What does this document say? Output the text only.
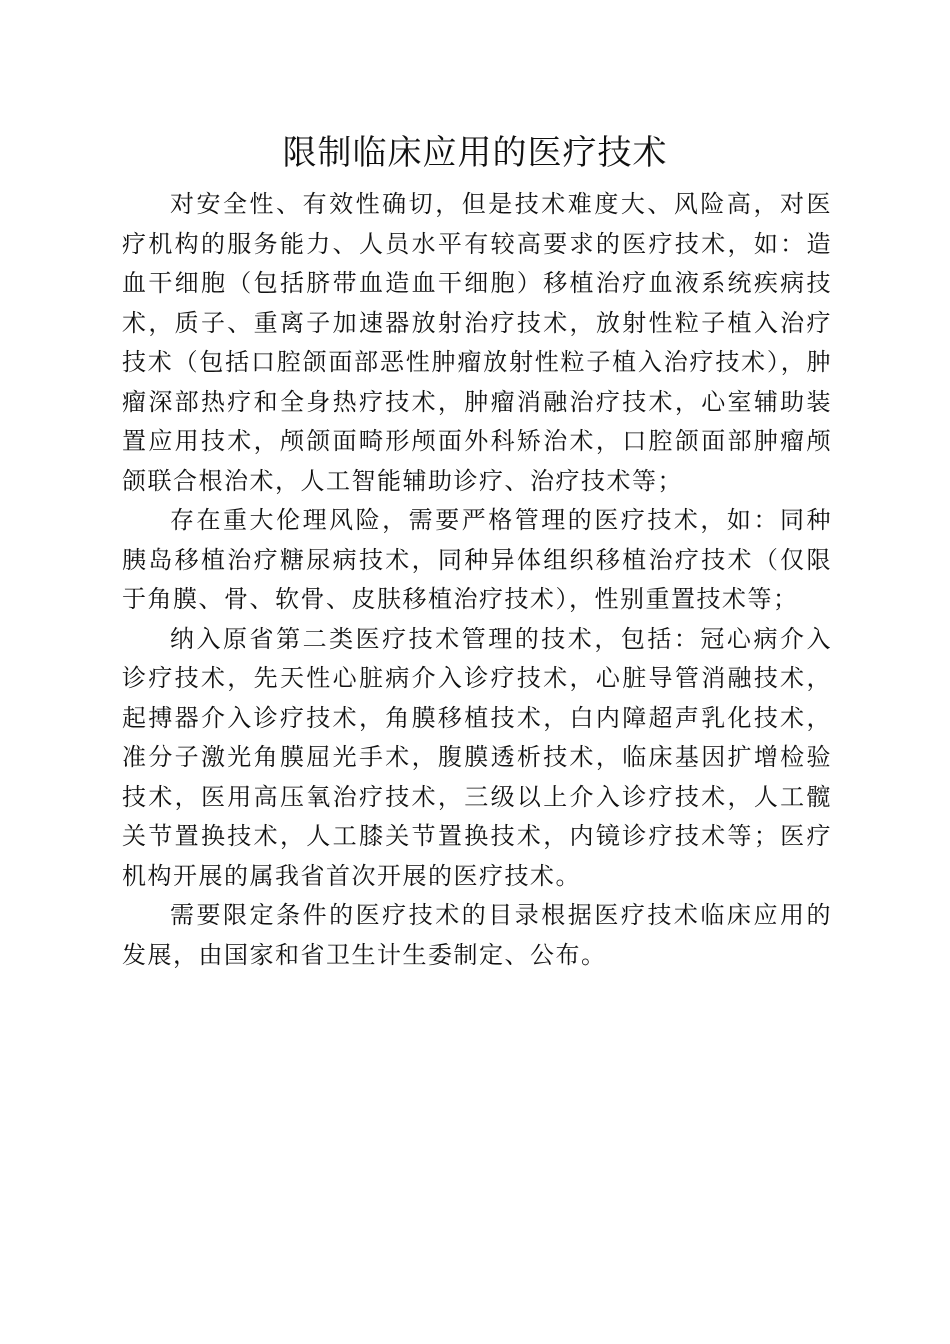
限制临床应用的医疗技术

对安全性、有效性确切，但是技术难度大、风险高，对医疗机构的服务能力、人员水平有较高要求的医疗技术，如：造血干细胞（包括脐带血造血干细胞）移植治疗血液系统疾病技术，质子、重离子加速器放射治疗技术，放射性粒子植入治疗技术（包括口腔颌面部恶性肿瘤放射性粒子植入治疗技术），肿瘤深部热疗和全身热疗技术，肿瘤消融治疗技术，心室辅助装置应用技术，颅颌面畸形颅面外科矫治术，口腔颌面部肿瘤颅颌联合根治术，人工智能辅助诊疗、治疗技术等；

存在重大伦理风险，需要严格管理的医疗技术，如：同种胰岛移植治疗糖尿病技术，同种异体组织移植治疗技术（仅限于角膜、骨、软骨、皮肤移植治疗技术），性别重置技术等；

纳入原省第二类医疗技术管理的技术，包括：冠心病介入诊疗技术，先天性心脏病介入诊疗技术，心脏导管消融技术，起搏器介入诊疗技术，角膜移植技术，白内障超声乳化技术，准分子激光角膜屈光手术，腹膜透析技术，临床基因扩增检验技术，医用高压氧治疗技术，三级以上介入诊疗技术，人工髋关节置换技术，人工膝关节置换技术，内镜诊疗技术等；医疗机构开展的属我省首次开展的医疗技术。

需要限定条件的医疗技术的目录根据医疗技术临床应用的发展，由国家和省卫生计生委制定、公布。
